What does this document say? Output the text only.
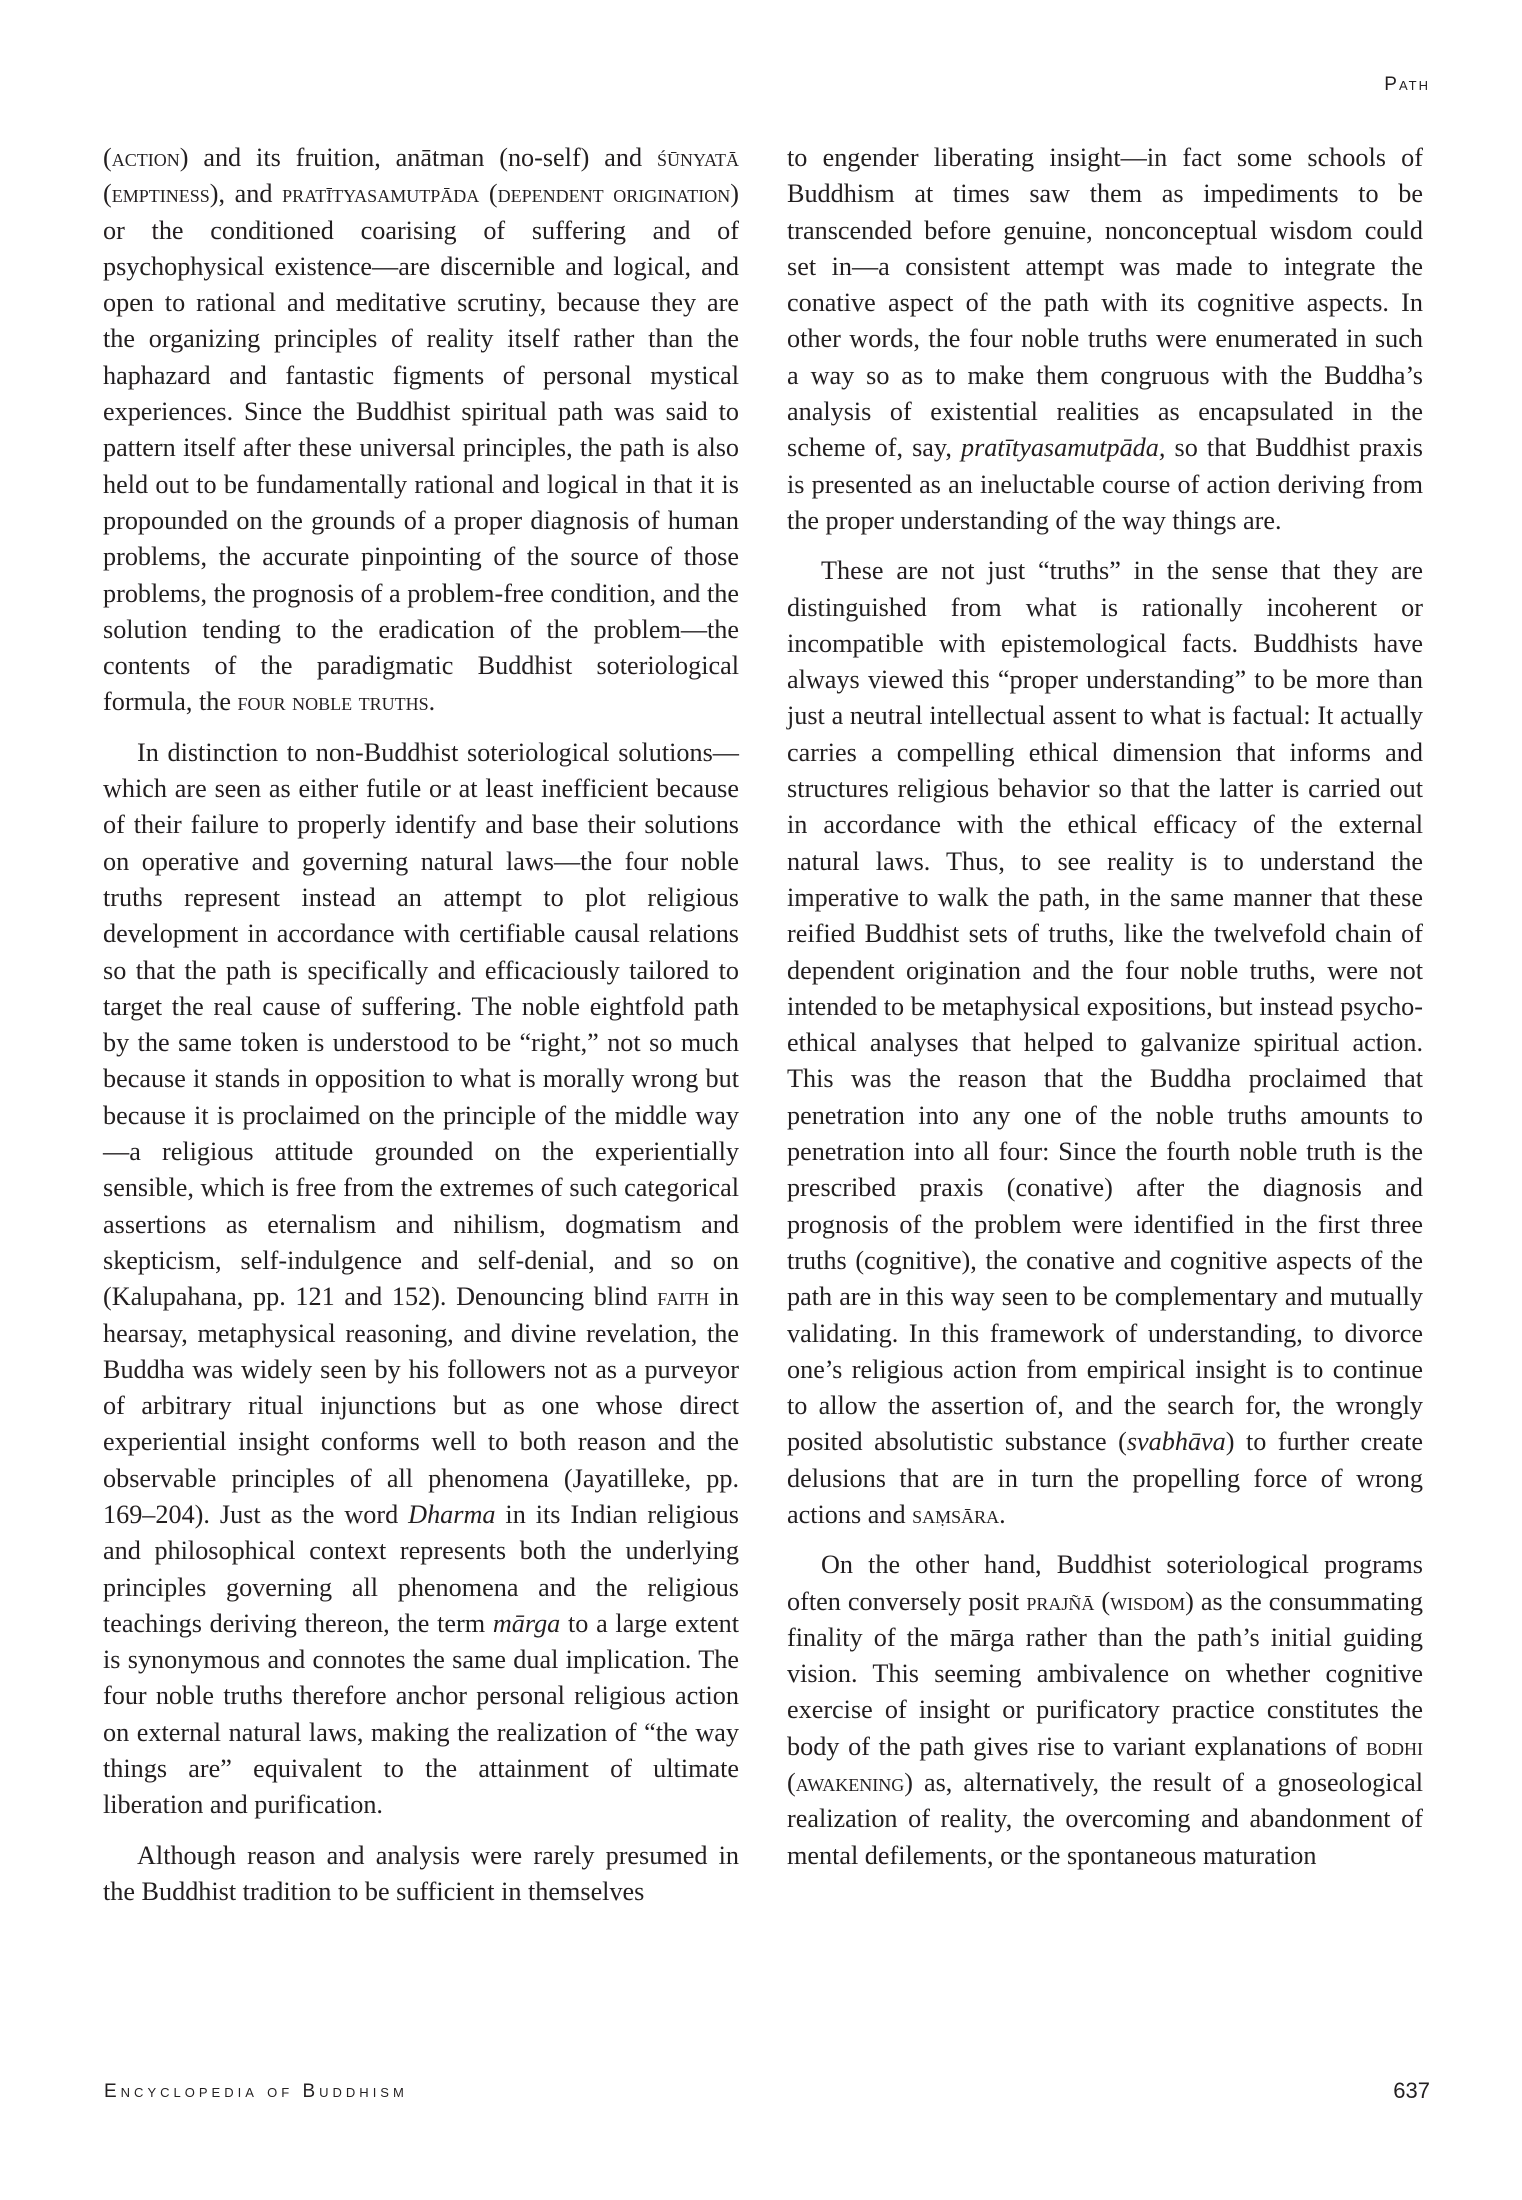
Path

(action) and its fruition, anātman (no-self) and śūnyatā (emptiness), and pratītyasamutpāda (dependent origination) or the conditioned coarising of suffering and of psychophysical existence—are discernible and logical, and open to rational and meditative scrutiny, because they are the organizing principles of reality itself rather than the haphazard and fantastic figments of personal mystical experiences. Since the Buddhist spiritual path was said to pattern itself after these universal principles, the path is also held out to be fundamentally rational and logical in that it is propounded on the grounds of a proper diagnosis of human problems, the accurate pinpointing of the source of those problems, the prognosis of a problem-free condition, and the solution tending to the eradication of the problem—the contents of the paradigmatic Buddhist soteriological formula, the four noble truths.

In distinction to non-Buddhist soteriological solutions—which are seen as either futile or at least inefficient because of their failure to properly identify and base their solutions on operative and governing natural laws—the four noble truths represent instead an attempt to plot religious development in accordance with certifiable causal relations so that the path is specifically and efficaciously tailored to target the real cause of suffering. The noble eightfold path by the same token is understood to be “right,” not so much because it stands in opposition to what is morally wrong but because it is proclaimed on the principle of the middle way—a religious attitude grounded on the experientially sensible, which is free from the extremes of such categorical assertions as eternalism and nihilism, dogmatism and skepticism, self-indulgence and self-denial, and so on (Kalupahana, pp. 121 and 152). Denouncing blind faith in hearsay, metaphysical reasoning, and divine revelation, the Buddha was widely seen by his followers not as a purveyor of arbitrary ritual injunctions but as one whose direct experiential insight conforms well to both reason and the observable principles of all phenomena (Jayatilleke, pp. 169–204). Just as the word Dharma in its Indian religious and philosophical context represents both the underlying principles governing all phenomena and the religious teachings deriving thereon, the term mārga to a large extent is synonymous and connotes the same dual implication. The four noble truths therefore anchor personal religious action on external natural laws, making the realization of “the way things are” equivalent to the attainment of ultimate liberation and purification.

Although reason and analysis were rarely presumed in the Buddhist tradition to be sufficient in themselves

to engender liberating insight—in fact some schools of Buddhism at times saw them as impediments to be transcended before genuine, nonconceptual wisdom could set in—a consistent attempt was made to integrate the conative aspect of the path with its cognitive aspects. In other words, the four noble truths were enumerated in such a way so as to make them congruous with the Buddha’s analysis of existential realities as encapsulated in the scheme of, say, pratītyasamutpāda, so that Buddhist praxis is presented as an ineluctable course of action deriving from the proper understanding of the way things are.

These are not just “truths” in the sense that they are distinguished from what is rationally incoherent or incompatible with epistemological facts. Buddhists have always viewed this “proper understanding” to be more than just a neutral intellectual assent to what is factual: It actually carries a compelling ethical dimension that informs and structures religious behavior so that the latter is carried out in accordance with the ethical efficacy of the external natural laws. Thus, to see reality is to understand the imperative to walk the path, in the same manner that these reified Buddhist sets of truths, like the twelvefold chain of dependent origination and the four noble truths, were not intended to be metaphysical expositions, but instead psycho-ethical analyses that helped to galvanize spiritual action. This was the reason that the Buddha proclaimed that penetration into any one of the noble truths amounts to penetration into all four: Since the fourth noble truth is the prescribed praxis (conative) after the diagnosis and prognosis of the problem were identified in the first three truths (cognitive), the conative and cognitive aspects of the path are in this way seen to be complementary and mutually validating. In this framework of understanding, to divorce one’s religious action from empirical insight is to continue to allow the assertion of, and the search for, the wrongly posited absolutistic substance (svabhāva) to further create delusions that are in turn the propelling force of wrong actions and saṃsāra.

On the other hand, Buddhist soteriological programs often conversely posit prajñā (wisdom) as the consummating finality of the mārga rather than the path’s initial guiding vision. This seeming ambivalence on whether cognitive exercise of insight or purificatory practice constitutes the body of the path gives rise to variant explanations of bodhi (awakening) as, alternatively, the result of a gnoseological realization of reality, the overcoming and abandonment of mental defilements, or the spontaneous maturation

Encyclopedia of Buddhism	637
